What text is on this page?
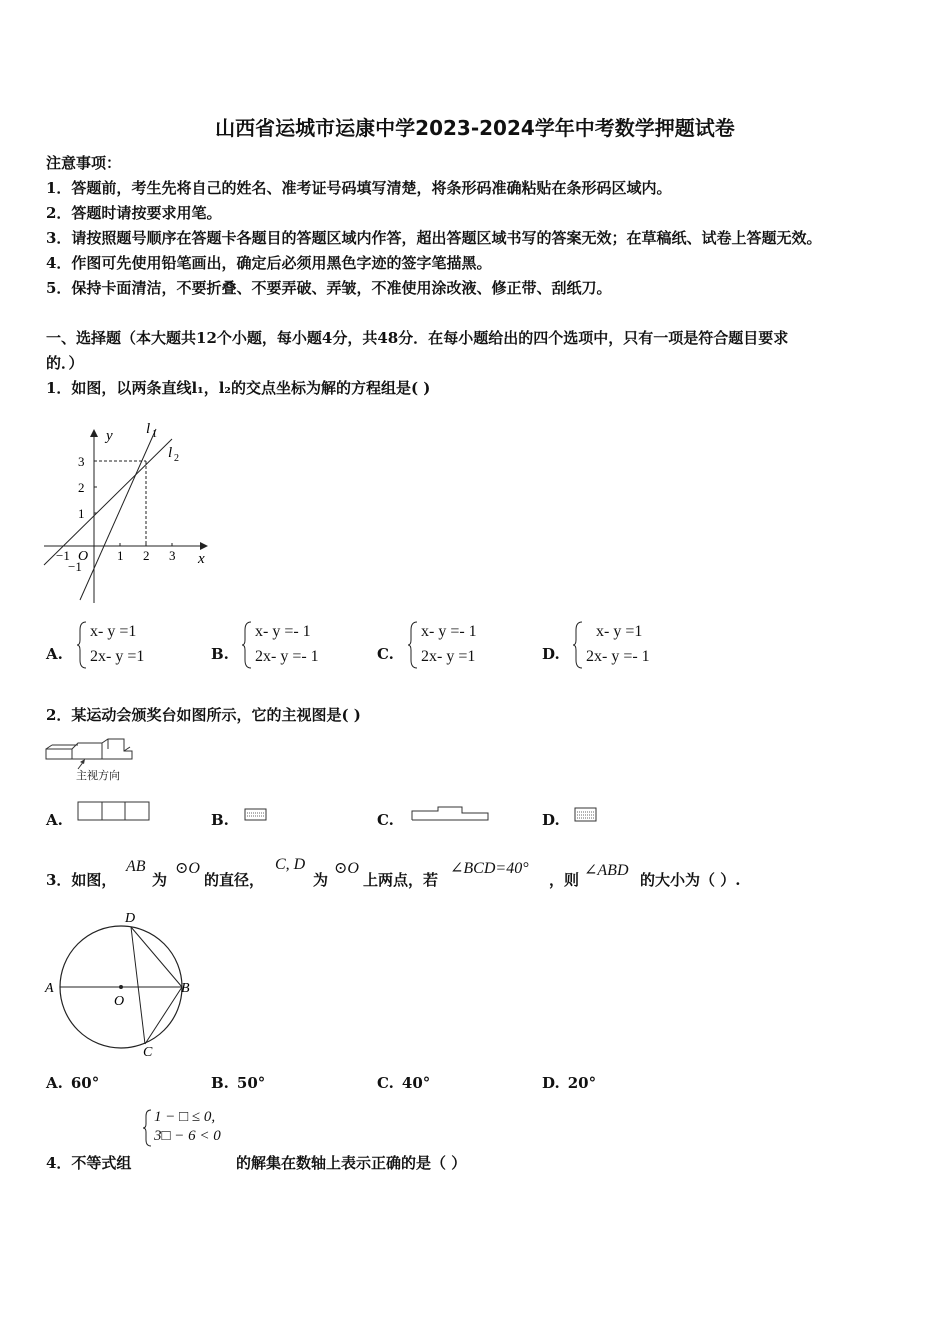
山西省运城市运康中学2023-2024学年中考数学押题试卷
注意事项：
1．答题前，考生先将自己的姓名、准考证号码填写清楚，将条形码准确粘贴在条形码区域内。
2．答题时请按要求用笔。
3．请按照题号顺序在答题卡各题目的答题区域内作答，超出答题区域书写的答案无效；在草稿纸、试卷上答题无效。
4．作图可先使用铅笔画出，确定后必须用黑色字迹的签字笔描黑。
5．保持卡面清洁，不要折叠、不要弄破、弄皱，不准使用涂改液、修正带、刮纸刀。
一、选择题（本大题共12个小题，每小题4分，共48分．在每小题给出的四个选项中，只有一项是符合题目要求
的．）
1．如图，以两条直线l₁，l₂的交点坐标为解的方程组是( )
y
x
l 1
l 2
3
2
1
−1
−1 O 1 2 3
A.
x- y =1
2x- y =1	B.
x- y =- 1
2x- y =- 1	C.
x- y =- 1
2x- y =1	D.
x- y =1
2x- y =- 1
2．某运动会颁奖台如图所示，它的主视图是( )
主视方向
A.	B.	C.	D.
3．如图，
AB
为
⊙O
的直径，
C, D
为
⊙O
上两点，若
∠BCD=40°
，则
∠ABD
的大小为（ ）.
A	B
C
D
O
A. 60°	B. 50°	C. 40°	D. 20°
1 − □ ≤ 0,
3□ − 6 < 0
4．不等式组	的解集在数轴上表示正确的是（ ）
